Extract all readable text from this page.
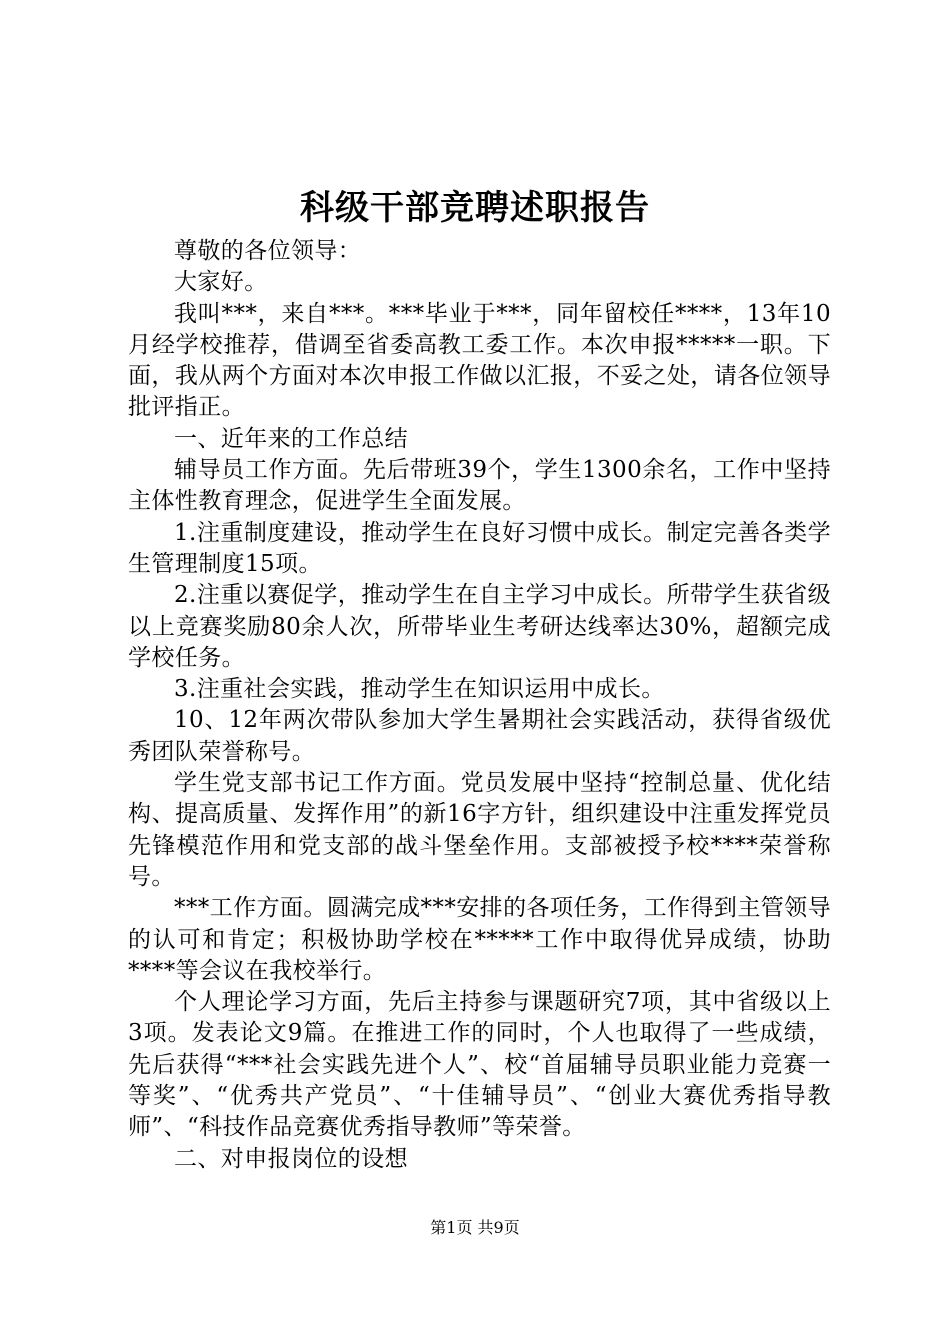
科级干部竞聘述职报告

尊敬的各位领导：

大家好。

我叫***，来自***。***毕业于***，同年留校任****，13年10月经学校推荐，借调至省委高教工委工作。本次申报*****一职。下面，我从两个方面对本次申报工作做以汇报，不妥之处，请各位领导批评指正。

一、近年来的工作总结

辅导员工作方面。先后带班39个，学生1300余名，工作中坚持主体性教育理念，促进学生全面发展。

1.注重制度建设，推动学生在良好习惯中成长。制定完善各类学生管理制度15项。

2.注重以赛促学，推动学生在自主学习中成长。所带学生获省级以上竞赛奖励80余人次，所带毕业生考研达线率达30%，超额完成学校任务。

3.注重社会实践，推动学生在知识运用中成长。

10、12年两次带队参加大学生暑期社会实践活动，获得省级优秀团队荣誉称号。

学生党支部书记工作方面。党员发展中坚持“控制总量、优化结构、提高质量、发挥作用”的新16字方针，组织建设中注重发挥党员先锋模范作用和党支部的战斗堡垒作用。支部被授予校****荣誉称号。

***工作方面。圆满完成***安排的各项任务，工作得到主管领导的认可和肯定；积极协助学校在*****工作中取得优异成绩，协助****等会议在我校举行。

个人理论学习方面，先后主持参与课题研究7项，其中省级以上3项。发表论文9篇。在推进工作的同时，个人也取得了一些成绩，先后获得“***社会实践先进个人”、校“首届辅导员职业能力竞赛一等奖”、“优秀共产党员”、“十佳辅导员”、“创业大赛优秀指导教师”、“科技作品竞赛优秀指导教师”等荣誉。

二、对申报岗位的设想

第1页 共9页
